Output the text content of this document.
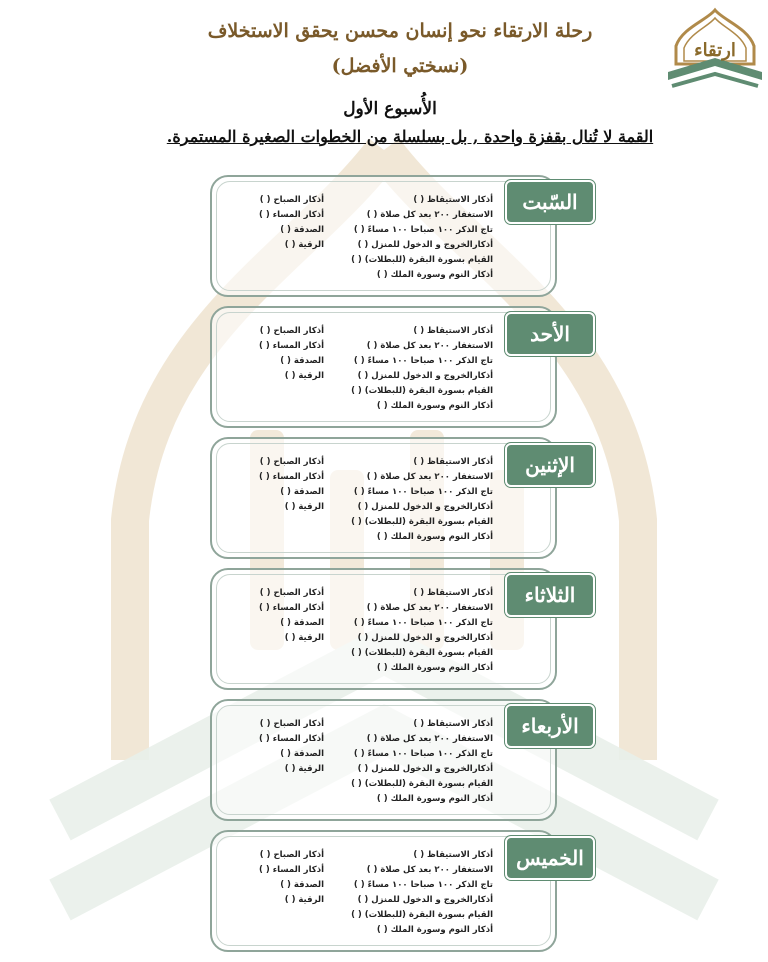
ارتقاء
رحلة الارتقاء نحو إنسان محسن يحقق الاستخلاف
(نسختي الأفضل)
الأُسبوع الأول
القمة لا تُنال بقفزة واحدة , بل بسلسلة من الخطوات الصغيرة المستمرة.
أذكار الاستيقاظ ( )
الاستغفار ٢٠٠ بعد كل صلاة ( )
تاج الذكر ١٠٠ صباحا ١٠٠ مساءً ( )
أذكارالخروج و الدخول للمنزل ( )
القيام بسورة البقرة (للبطلات) ( )
أذكار النوم وسورة الملك ( )
أذكار الصباح ( )
أذكار المساء ( )
الصدقة ( )
الرقية ( )
السّبت
أذكار الاستيقاظ ( )
الاستغفار ٢٠٠ بعد كل صلاة ( )
تاج الذكر ١٠٠ صباحا ١٠٠ مساءً ( )
أذكارالخروج و الدخول للمنزل ( )
القيام بسورة البقرة (للبطلات) ( )
أذكار النوم وسورة الملك ( )
أذكار الصباح ( )
أذكار المساء ( )
الصدقة ( )
الرقية ( )
الأحد
أذكار الاستيقاظ ( )
الاستغفار ٢٠٠ بعد كل صلاة ( )
تاج الذكر ١٠٠ صباحا ١٠٠ مساءً ( )
أذكارالخروج و الدخول للمنزل ( )
القيام بسورة البقرة (للبطلات) ( )
أذكار النوم وسورة الملك ( )
أذكار الصباح ( )
أذكار المساء ( )
الصدقة ( )
الرقية ( )
الإثنين
أذكار الاستيقاظ ( )
الاستغفار ٢٠٠ بعد كل صلاة ( )
تاج الذكر ١٠٠ صباحا ١٠٠ مساءً ( )
أذكارالخروج و الدخول للمنزل ( )
القيام بسورة البقرة (للبطلات) ( )
أذكار النوم وسورة الملك ( )
أذكار الصباح ( )
أذكار المساء ( )
الصدقة ( )
الرقية ( )
الثلاثاء
أذكار الاستيقاظ ( )
الاستغفار ٢٠٠ بعد كل صلاة ( )
تاج الذكر ١٠٠ صباحا ١٠٠ مساءً ( )
أذكارالخروج و الدخول للمنزل ( )
القيام بسورة البقرة (للبطلات) ( )
أذكار النوم وسورة الملك ( )
أذكار الصباح ( )
أذكار المساء ( )
الصدقة ( )
الرقية ( )
الأربعاء
أذكار الاستيقاظ ( )
الاستغفار ٢٠٠ بعد كل صلاة ( )
تاج الذكر ١٠٠ صباحا ١٠٠ مساءً ( )
أذكارالخروج و الدخول للمنزل ( )
القيام بسورة البقرة (للبطلات) ( )
أذكار النوم وسورة الملك ( )
أذكار الصباح ( )
أذكار المساء ( )
الصدقة ( )
الرقية ( )
الخميس
